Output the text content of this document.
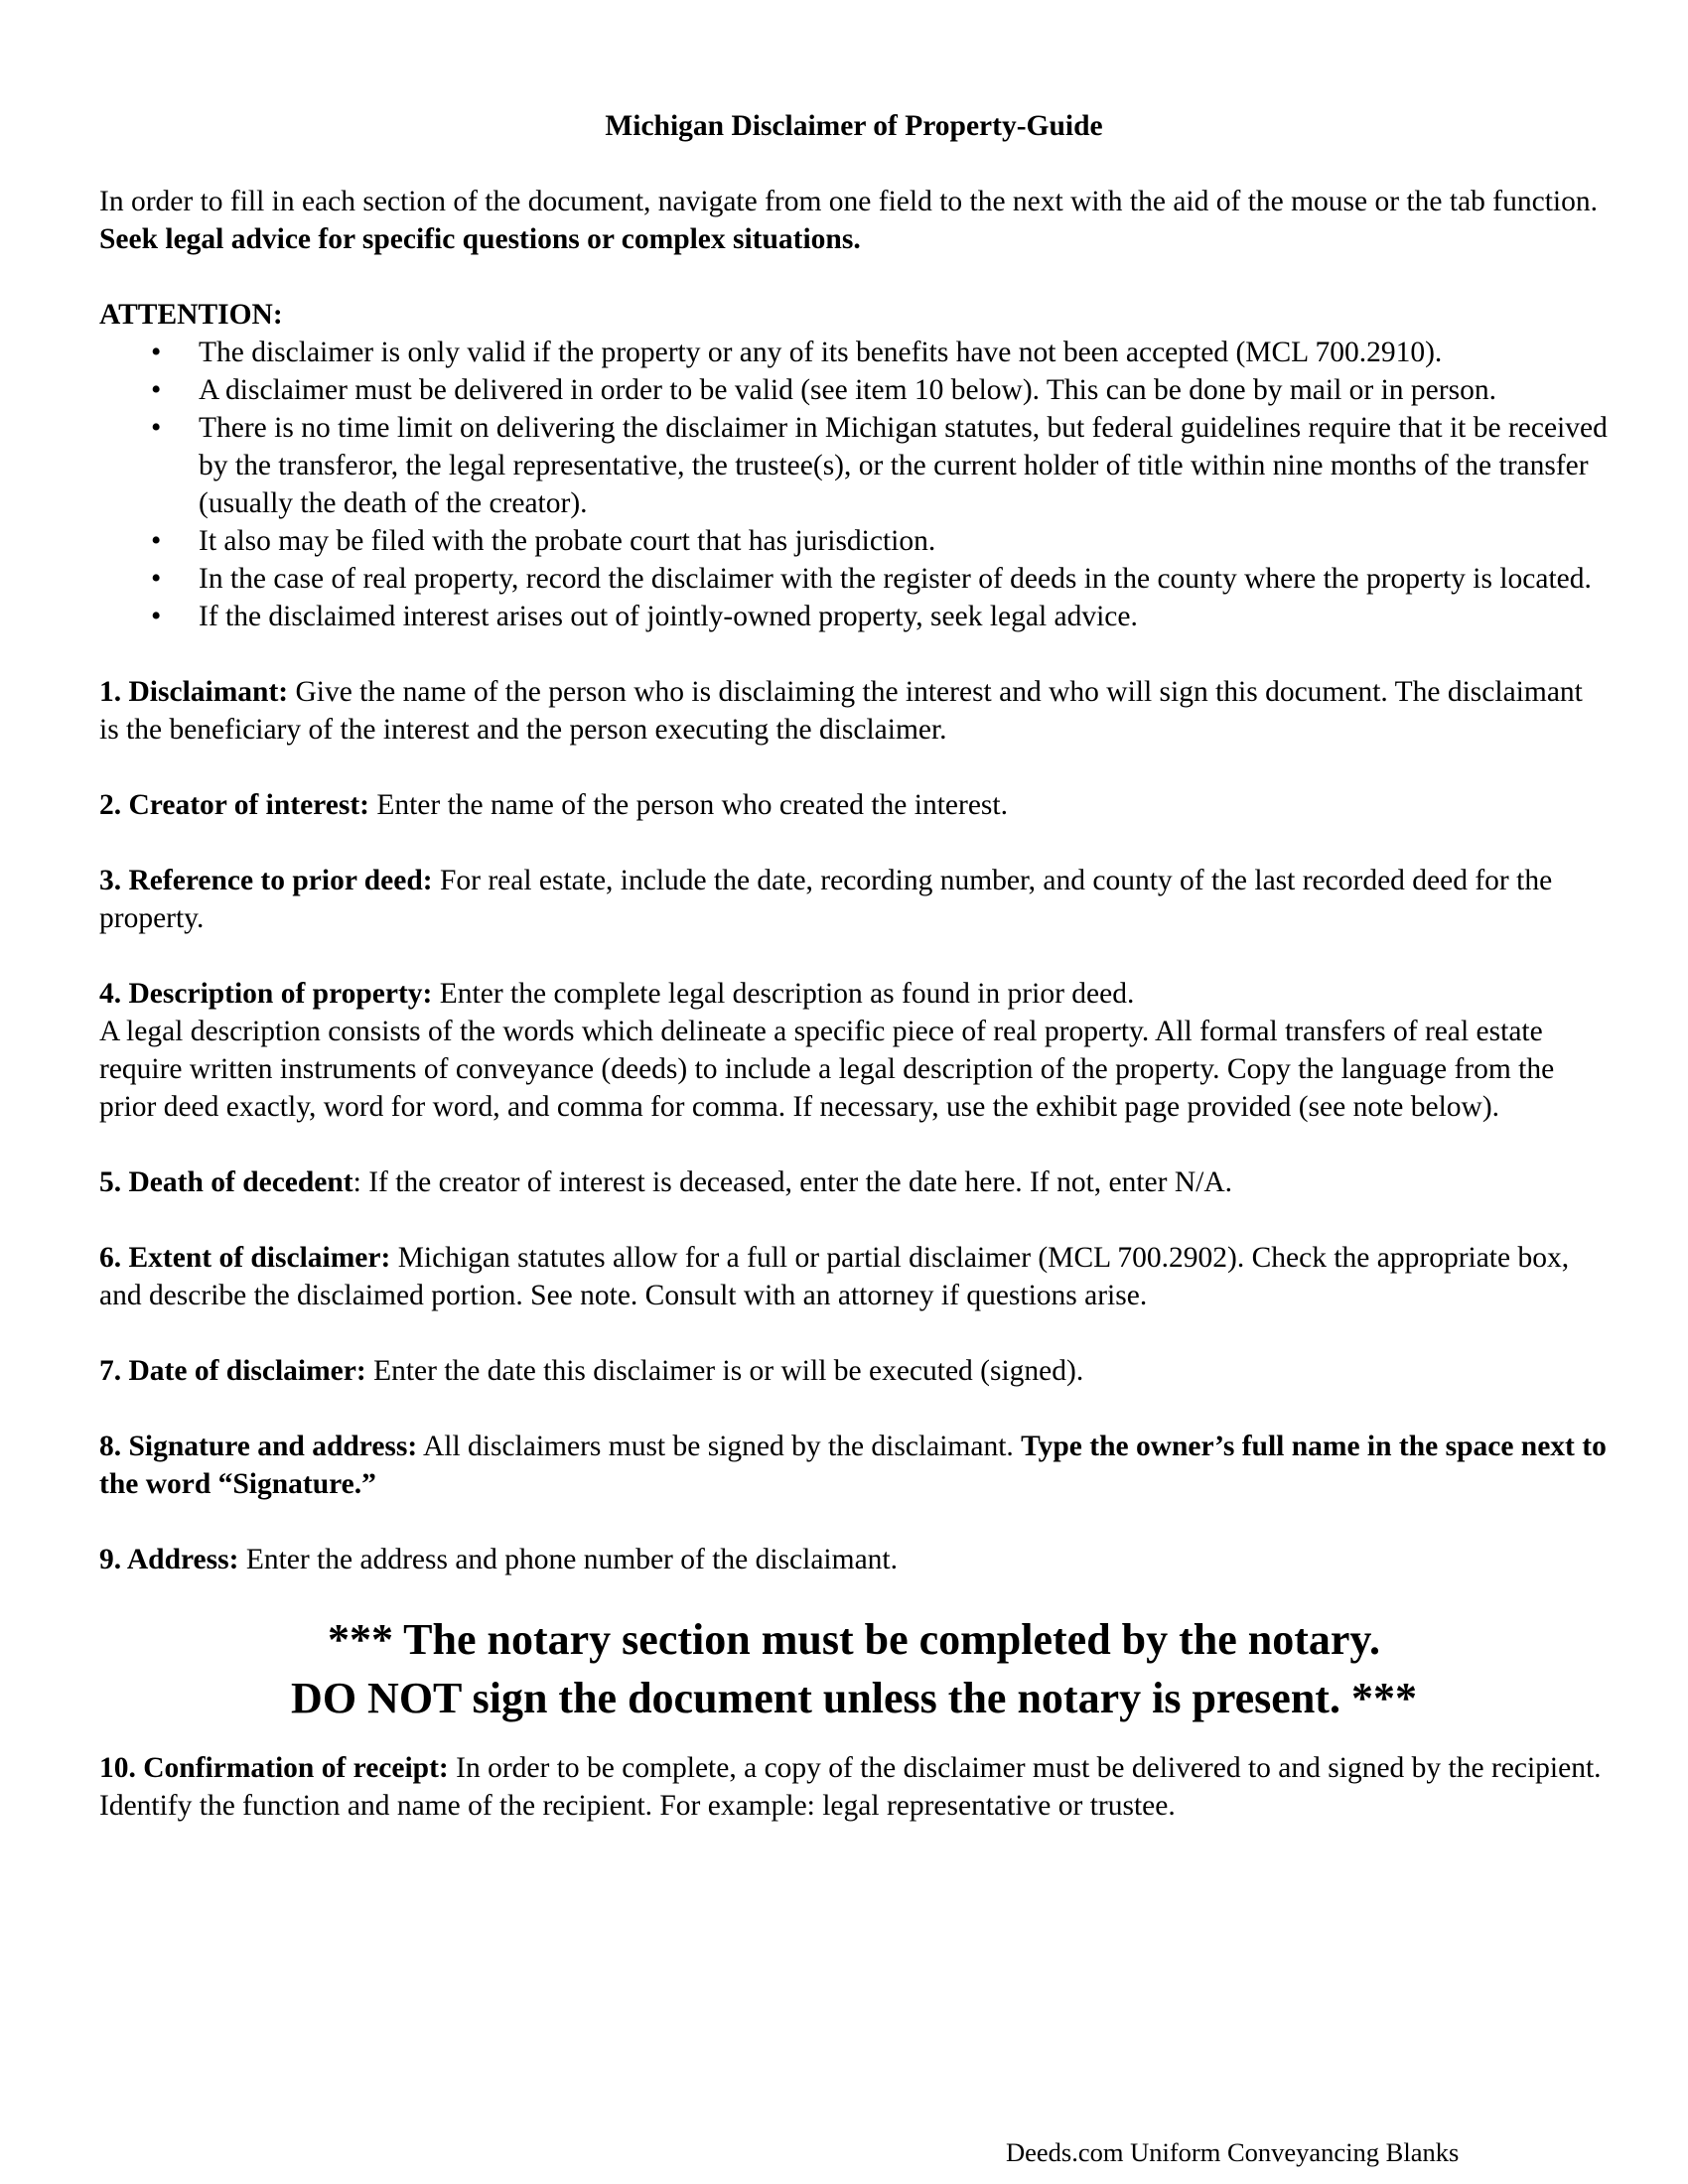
Michigan Disclaimer of Property-Guide

In order to fill in each section of the document, navigate from one field to the next with the aid of the mouse or the tab function. Seek legal advice for specific questions or complex situations.

ATTENTION:
• The disclaimer is only valid if the property or any of its benefits have not been accepted (MCL 700.2910).
• A disclaimer must be delivered in order to be valid (see item 10 below). This can be done by mail or in person.
• There is no time limit on delivering the disclaimer in Michigan statutes, but federal guidelines require that it be received by the transferor, the legal representative, the trustee(s), or the current holder of title within nine months of the transfer (usually the death of the creator).
• It also may be filed with the probate court that has jurisdiction.
• In the case of real property, record the disclaimer with the register of deeds in the county where the property is located.
• If the disclaimed interest arises out of jointly-owned property, seek legal advice.

1. Disclaimant: Give the name of the person who is disclaiming the interest and who will sign this document. The disclaimant is the beneficiary of the interest and the person executing the disclaimer.

2. Creator of interest: Enter the name of the person who created the interest.

3. Reference to prior deed: For real estate, include the date, recording number, and county of the last recorded deed for the property.

4. Description of property: Enter the complete legal description as found in prior deed.

A legal description consists of the words which delineate a specific piece of real property. All formal transfers of real estate require written instruments of conveyance (deeds) to include a legal description of the property. Copy the language from the prior deed exactly, word for word, and comma for comma. If necessary, use the exhibit page provided (see note below).

5. Death of decedent: If the creator of interest is deceased, enter the date here. If not, enter N/A.

6. Extent of disclaimer: Michigan statutes allow for a full or partial disclaimer (MCL 700.2902). Check the appropriate box, and describe the disclaimed portion. See note. Consult with an attorney if questions arise.

7. Date of disclaimer: Enter the date this disclaimer is or will be executed (signed).

8. Signature and address: All disclaimers must be signed by the disclaimant. Type the owner’s full name in the space next to the word “Signature.”

9. Address: Enter the address and phone number of the disclaimant.

*** The notary section must be completed by the notary.
DO NOT sign the document unless the notary is present. ***

10. Confirmation of receipt: In order to be complete, a copy of the disclaimer must be delivered to and signed by the recipient. Identify the function and name of the recipient. For example: legal representative or trustee.

Deeds.com Uniform Conveyancing Blanks
